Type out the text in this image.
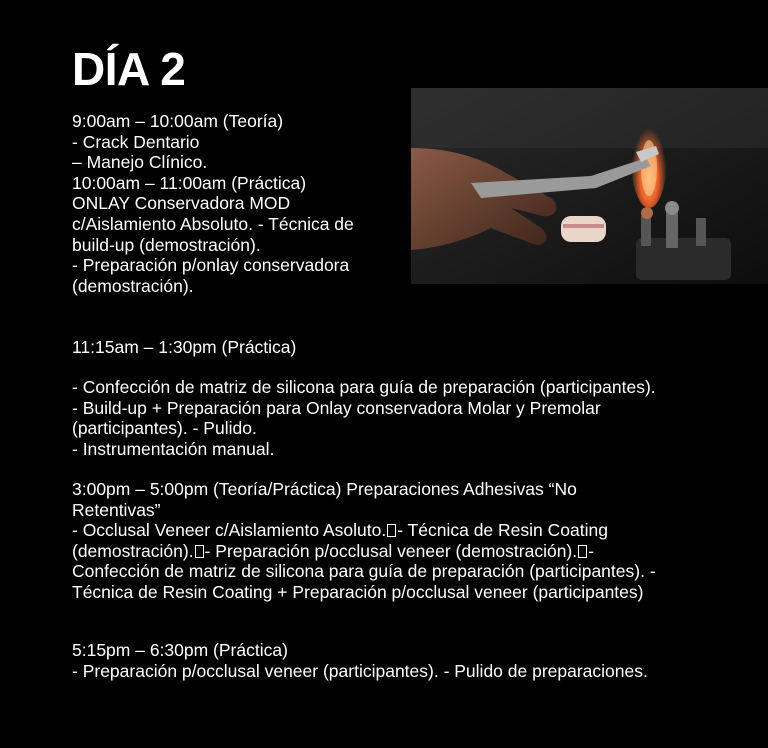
DÍA 2
9:00am – 10:00am (Teoría)
- Crack Dentario
– Manejo Clínico.
10:00am – 11:00am (Práctica)
ONLAY Conservadora MOD
c/Aislamiento Absoluto. - Técnica de
build-up (demostración).
- Preparación p/onlay conservadora
(demostración).
11:15am – 1:30pm (Práctica)
- Confección de matriz de silicona para guía de preparación (participantes).
- Build-up + Preparación para Onlay conservadora Molar y Premolar
(participantes). - Pulido.
- Instrumentación manual.
3:00pm – 5:00pm (Teoría/Práctica) Preparaciones Adhesivas “No
Retentivas”
- Occlusal Veneer c/Aislamiento Asoluto. - Técnica de Resin Coating
(demostración). - Preparación p/occlusal veneer (demostración). -
Confección de matriz de silicona para guía de preparación (participantes). -
Técnica de Resin Coating + Preparación p/occlusal veneer (participantes)
5:15pm – 6:30pm (Práctica)
- Preparación p/occlusal veneer (participantes). - Pulido de preparaciones.
